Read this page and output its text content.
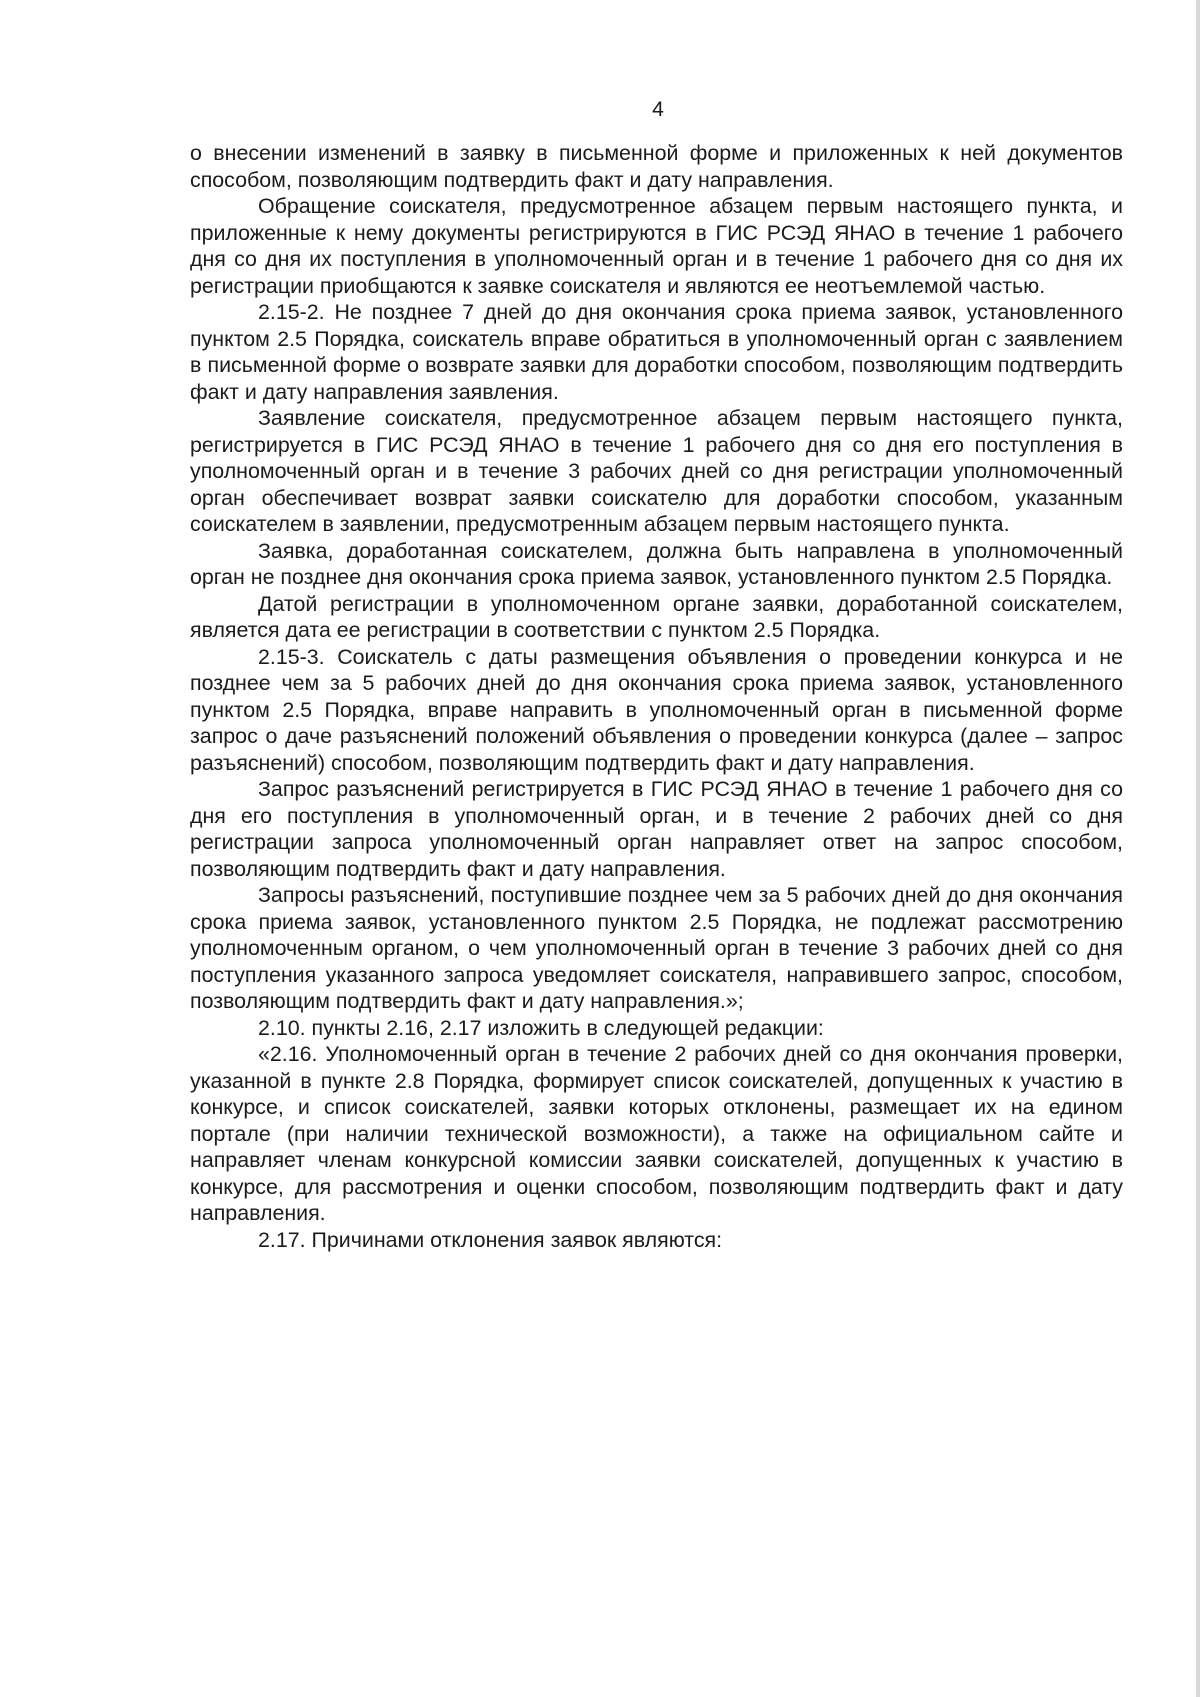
4

о внесении изменений в заявку в письменной форме и приложенных к ней документов способом, позволяющим подтвердить факт и дату направления.

Обращение соискателя, предусмотренное абзацем первым настоящего пункта, и приложенные к нему документы регистрируются в ГИС РСЭД ЯНАО в течение 1 рабочего дня со дня их поступления в уполномоченный орган и в течение 1 рабочего дня со дня их регистрации приобщаются к заявке соискателя и являются ее неотъемлемой частью.

2.15-2. Не позднее 7 дней до дня окончания срока приема заявок, установленного пунктом 2.5 Порядка, соискатель вправе обратиться в уполномоченный орган с заявлением в письменной форме о возврате заявки для доработки способом, позволяющим подтвердить факт и дату направления заявления.

Заявление соискателя, предусмотренное абзацем первым настоящего пункта, регистрируется в ГИС РСЭД ЯНАО в течение 1 рабочего дня со дня его поступления в уполномоченный орган и в течение 3 рабочих дней со дня регистрации уполномоченный орган обеспечивает возврат заявки соискателю для доработки способом, указанным соискателем в заявлении, предусмотренным абзацем первым настоящего пункта.

Заявка, доработанная соискателем, должна быть направлена в уполномоченный орган не позднее дня окончания срока приема заявок, установленного пунктом 2.5 Порядка.

Датой регистрации в уполномоченном органе заявки, доработанной соискателем, является дата ее регистрации в соответствии с пунктом 2.5 Порядка.

2.15-3. Соискатель с даты размещения объявления о проведении конкурса и не позднее чем за 5 рабочих дней до дня окончания срока приема заявок, установленного пунктом 2.5 Порядка, вправе направить в уполномоченный орган в письменной форме запрос о даче разъяснений положений объявления о проведении конкурса (далее – запрос разъяснений) способом, позволяющим подтвердить факт и дату направления.

Запрос разъяснений регистрируется в ГИС РСЭД ЯНАО в течение 1 рабочего дня со дня его поступления в уполномоченный орган, и в течение 2 рабочих дней со дня регистрации запроса уполномоченный орган направляет ответ на запрос способом, позволяющим подтвердить факт и дату направления.

Запросы разъяснений, поступившие позднее чем за 5 рабочих дней до дня окончания срока приема заявок, установленного пунктом 2.5 Порядка, не подлежат рассмотрению уполномоченным органом, о чем уполномоченный орган в течение 3 рабочих дней со дня поступления указанного запроса уведомляет соискателя, направившего запрос, способом, позволяющим подтвердить факт и дату направления.»;

2.10. пункты 2.16, 2.17 изложить в следующей редакции:

«2.16. Уполномоченный орган в течение 2 рабочих дней со дня окончания проверки, указанной в пункте 2.8 Порядка, формирует список соискателей, допущенных к участию в конкурсе, и список соискателей, заявки которых отклонены, размещает их на едином портале (при наличии технической возможности), а также на официальном сайте и направляет членам конкурсной комиссии заявки соискателей, допущенных к участию в конкурсе, для рассмотрения и оценки способом, позволяющим подтвердить факт и дату направления.

2.17. Причинами отклонения заявок являются:
